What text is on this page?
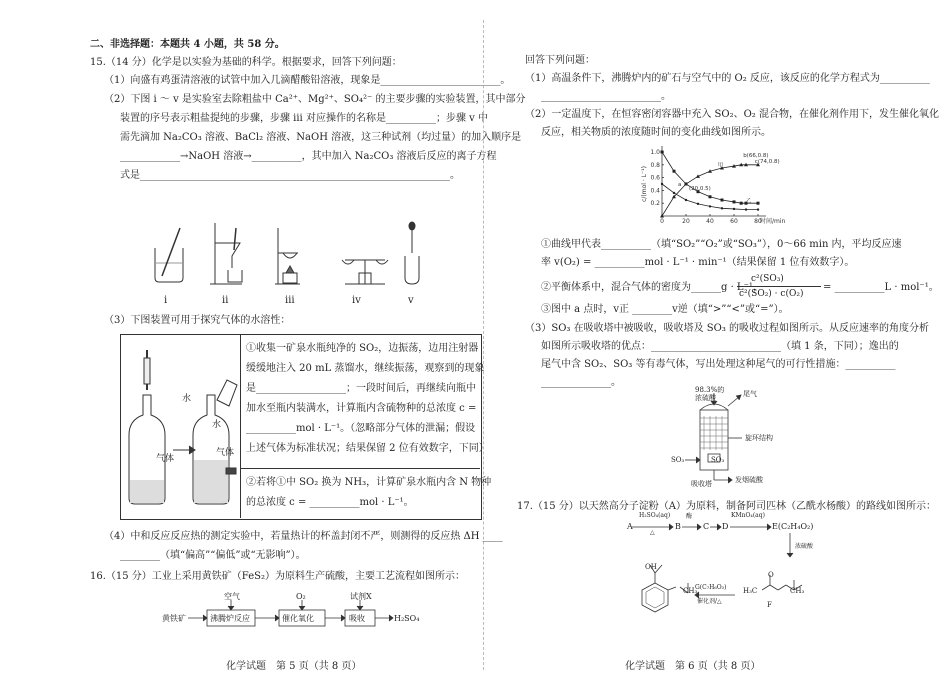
二、非选择题：本题共 4 小题，共 58 分。
15.（14 分）化学是以实验为基础的科学。根据要求，回答下列问题：
（1）向盛有鸡蛋清溶液的试管中加入几滴醋酸铅溶液，现象是________________________。
（2）下图 ⅰ ～ ⅴ 是实验室去除粗盐中 Ca²⁺、Mg²⁺、SO₄²⁻ 的主要步骤的实验装置，其中部分
装置的序号表示粗盐提纯的步骤，步骤 ⅲ 对应操作的名称是__________；步骤 ⅴ 中
需先滴加 Na₂CO₃ 溶液、BaCl₂ 溶液、NaOH 溶液，这三种试剂（均过量）的加入顺序是
____________→NaOH 溶液→__________，其中加入 Na₂CO₃ 溶液后反应的离子方程
式是______________________________________________________________。
ⅰ	ⅱ	ⅲ	ⅳ	ⅴ
（3）下图装置可用于探究气体的水溶性：
水
水
气体
气体
①收集一矿泉水瓶纯净的 SO₂，边振荡，边用注射器
缓缓地注入 20 mL 蒸馏水，继续振荡，观察到的现象
是__________________；一段时间后，再继续向瓶中
加水至瓶内装满水，计算瓶内含硫物种的总浓度 c =
__________mol · L⁻¹。（忽略部分气体的泄漏；假设
上述气体为标准状况；结果保留 2 位有效数字，下同）
②若将①中 SO₂ 换为 NH₃，计算矿泉水瓶内含 N 物种
的总浓度 c = __________mol · L⁻¹。
（4）中和反应反应热的测定实验中，若量热计的杯盖封闭不严，则测得的反应热 ΔH ____
________（填“偏高”“偏低”或“无影响”）。
16.（15 分）工业上采用黄铁矿（FeS₂）为原料生产硫酸，主要工艺流程如图所示：
黄铁矿
空气	O₂	试剂X
沸腾炉反应	催化氧化	吸收	H₂SO₄
化学试题　第 5 页（共 8 页）
回答下列问题：
（1）高温条件下，沸腾炉内的矿石与空气中的 O₂ 反应，该反应的化学方程式为__________
________________________。
（2）一定温度下，在恒容密闭容器中充入 SO₂、O₂ 混合物，在催化剂作用下，发生催化氧化
反应，相关物质的浓度随时间的变化曲线如图所示。
0	20	40	60	80
0.2
0.4
0.6
0.8
1.0
时间/min
c/(mol · L⁻¹)
b(66,0.8)
c(74,0.8)
a
(20,0.5)
甲
乙
①曲线甲代表__________（填“SO₂”“O₂”或“SO₃”），0～66 min 内，平均反应速
率 v(O₂) = __________mol · L⁻¹ · min⁻¹（结果保留 1 位有效数字）。
②平衡体系中，混合气体的密度为______g · L⁻¹，
c²(SO₃)
c²(SO₂) · c(O₂)
= __________L · mol⁻¹。
③图中 a 点时，v正 ________v逆（填“>”“<”或“=”）。
（3）SO₃ 在吸收塔中被吸收，吸收塔及 SO₃ 的吸收过程如图所示。从反应速率的角度分析
如图所示吸收塔的优点：__________________________（填 1 条，下同）；逸出的
尾气中含 SO₂、SO₃ 等有毒气体，写出处理这种尾气的可行性措施：__________
______________。
98.3%的
浓硫酸	尾气
旋环结构
SO₃
SO₃
吸收塔	发烟硫酸
17.（15 分）以天然高分子淀粉（A）为原料，制备阿司匹林（乙酰水杨酸）的路线如图所示：
A
H₂SO₄(aq)
△
B
酶
C D
KMnO₄(aq)
E(C₂H₄O₂)
浓硫酸
G(C₇H₆O₃)
催化剂/△
OH
CH₃	H₃C	CH₃
O
F
化学试题　第 6 页（共 8 页）
